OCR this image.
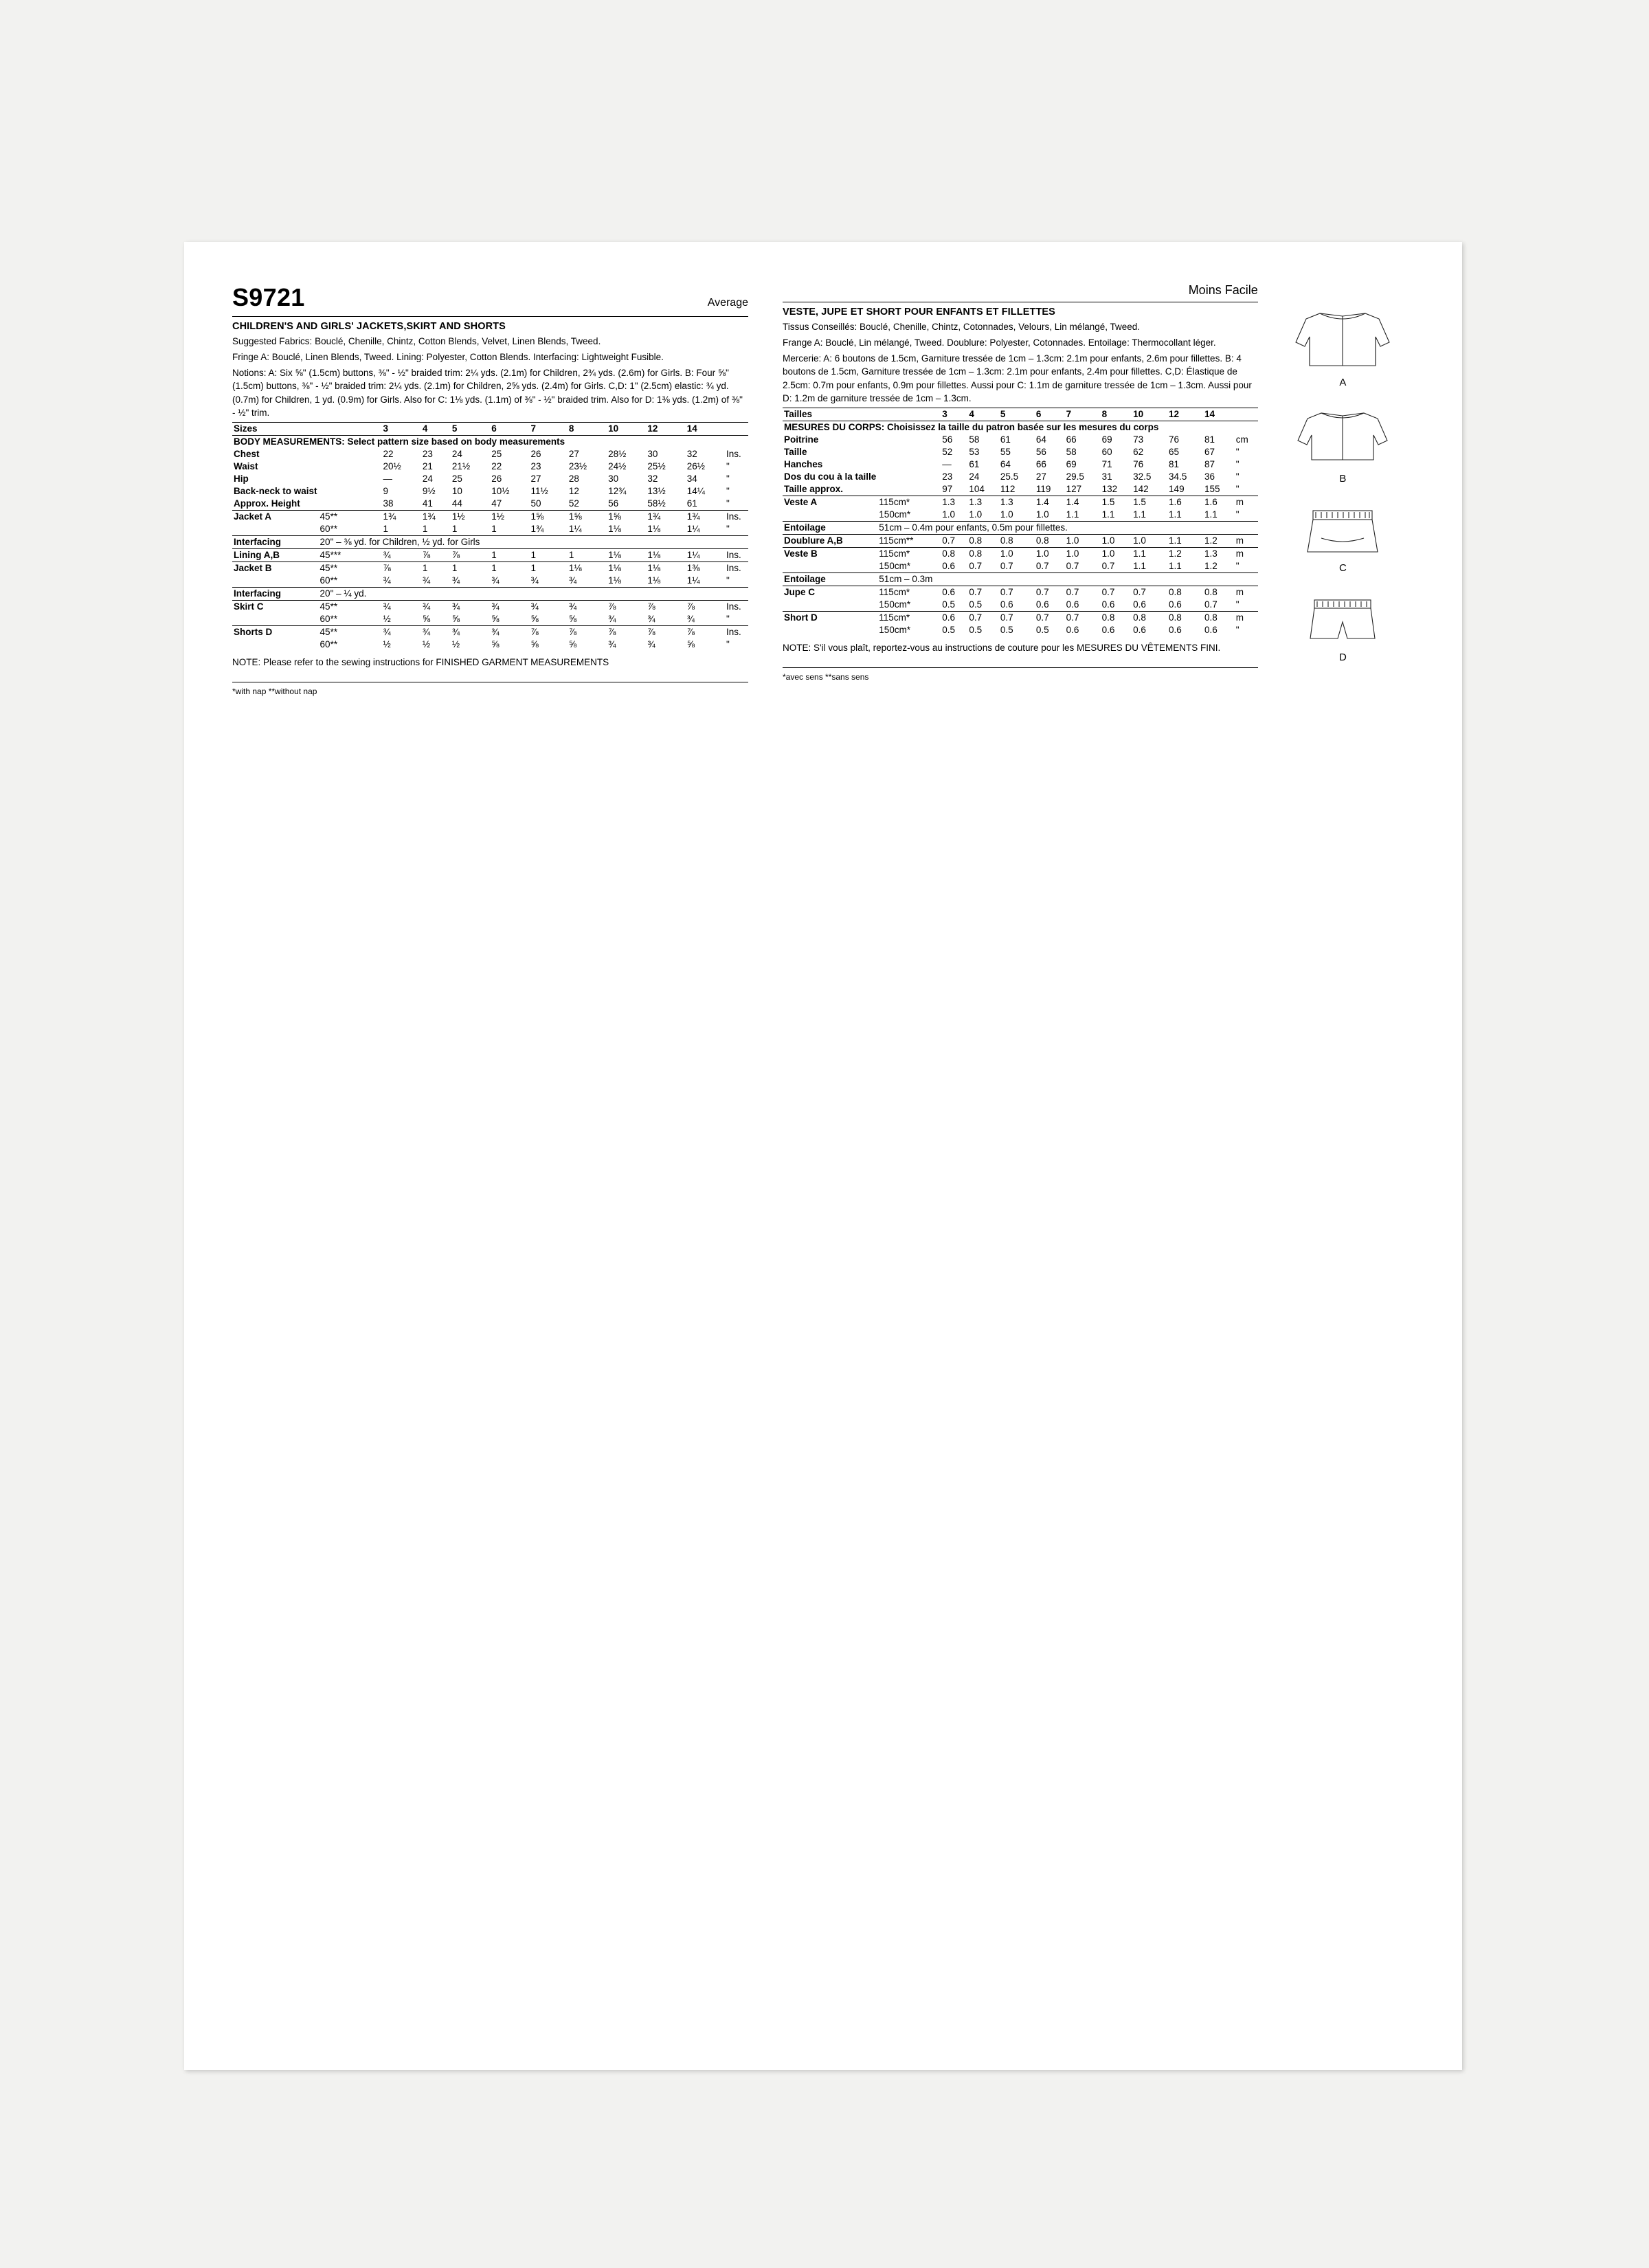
S9721	Average
CHILDREN'S AND GIRLS' JACKETS,SKIRT AND SHORTS

Suggested Fabrics: Bouclé, Chenille, Chintz, Cotton Blends, Velvet, Linen Blends, Tweed.

Fringe A: Bouclé, Linen Blends, Tweed. Lining: Polyester, Cotton Blends. Interfacing: Lightweight Fusible.

Notions: A: Six ⅝" (1.5cm) buttons, ⅜" - ½" braided trim: 2¼ yds. (2.1m) for Children, 2¾ yds. (2.6m) for Girls. B: Four ⅝" (1.5cm) buttons, ⅜" - ½" braided trim: 2¼ yds. (2.1m) for Children, 2⅝ yds. (2.4m) for Girls. C,D: 1" (2.5cm) elastic: ¾ yd. (0.7m) for Children, 1 yd. (0.9m) for Girls. Also for C: 1⅛ yds. (1.1m) of ⅜" - ½" braided trim. Also for D: 1⅜ yds. (1.2m) of ⅜" - ½" trim.

Sizes		3	4	5	6	7	8	10	12	14	
BODY MEASUREMENTS: Select pattern size based on body measurements											
Chest		22	23	24	25	26	27	28½	30	32	Ins.
Waist		20½	21	21½	22	23	23½	24½	25½	26½	"
Hip		—	24	25	26	27	28	30	32	34	"
Back-neck to waist		9	9½	10	10½	11½	12	12¾	13½	14¼	"
Approx. Height		38	41	44	47	50	52	56	58½	61	"
Jacket A	45**	1¾	1¾	1½	1½	1⅝	1⅝	1⅝	1¾	1¾	Ins.
	60**	1	1	1	1	1¾	1¼	1⅛	1⅛	1¼	"
Interfacing	20" – ⅜ yd. for Children, ½ yd. for Girls										
Lining A,B	45***	¾	⅞	⅞	1	1	1	1⅛	1⅛	1¼	Ins.
Jacket B	45**	⅞	1	1	1	1	1⅛	1⅛	1⅛	1⅜	Ins.
	60**	¾	¾	¾	¾	¾	¾	1⅛	1⅛	1¼	"
Interfacing	20" – ¼ yd.										
Skirt C	45**	¾	¾	¾	¾	¾	¾	⅞	⅞	⅞	Ins.
	60**	½	⅝	⅝	⅝	⅝	⅝	¾	¾	¾	"
Shorts D	45**	¾	¾	¾	¾	⅞	⅞	⅞	⅞	⅞	Ins.
	60**	½	½	½	⅝	⅝	⅝	¾	¾	⅝	"
NOTE: Please refer to the sewing instructions for FINISHED GARMENT MEASUREMENTS
*with nap **without nap

Moins Facile
VESTE, JUPE ET SHORT POUR ENFANTS ET FILLETTES

Tissus Conseillés: Bouclé, Chenille, Chintz, Cotonnades, Velours, Lin mélangé, Tweed.

Frange A: Bouclé, Lin mélangé, Tweed. Doublure: Polyester, Cotonnades. Entoilage: Thermocollant léger.

Mercerie: A: 6 boutons de 1.5cm, Garniture tressée de 1cm – 1.3cm: 2.1m pour enfants, 2.6m pour fillettes. B: 4 boutons de 1.5cm, Garniture tressée de 1cm – 1.3cm: 2.1m pour enfants, 2.4m pour fillettes. C,D: Élastique de 2.5cm: 0.7m pour enfants, 0.9m pour fillettes. Aussi pour C: 1.1m de garniture tressée de 1cm – 1.3cm. Aussi pour D: 1.2m de garniture tressée de 1cm – 1.3cm.

Tailles		3	4	5	6	7	8	10	12	14	
MESURES DU CORPS: Choisissez la taille du patron basée sur les mesures du corps											
Poitrine		56	58	61	64	66	69	73	76	81	cm
Taille		52	53	55	56	58	60	62	65	67	"
Hanches		—	61	64	66	69	71	76	81	87	"
Dos du cou à la taille		23	24	25.5	27	29.5	31	32.5	34.5	36	"
Taille approx.		97	104	112	119	127	132	142	149	155	"
Veste A	115cm*	1.3	1.3	1.3	1.4	1.4	1.5	1.5	1.6	1.6	m
	150cm*	1.0	1.0	1.0	1.0	1.1	1.1	1.1	1.1	1.1	"
Entoilage	51cm – 0.4m pour enfants, 0.5m pour fillettes.										
Doublure A,B	115cm**	0.7	0.8	0.8	0.8	1.0	1.0	1.0	1.1	1.2	m
Veste B	115cm*	0.8	0.8	1.0	1.0	1.0	1.0	1.1	1.2	1.3	m
	150cm*	0.6	0.7	0.7	0.7	0.7	0.7	1.1	1.1	1.2	"
Entoilage	51cm – 0.3m										
Jupe C	115cm*	0.6	0.7	0.7	0.7	0.7	0.7	0.7	0.8	0.8	m
	150cm*	0.5	0.5	0.6	0.6	0.6	0.6	0.6	0.6	0.7	"
Short D	115cm*	0.6	0.7	0.7	0.7	0.7	0.8	0.8	0.8	0.8	m
	150cm*	0.5	0.5	0.5	0.5	0.6	0.6	0.6	0.6	0.6	"
NOTE: S'il vous plaît, reportez-vous au instructions de couture pour les MESURES DU VÊTEMENTS FINI.
*avec sens **sans sens
A
B
C
D
